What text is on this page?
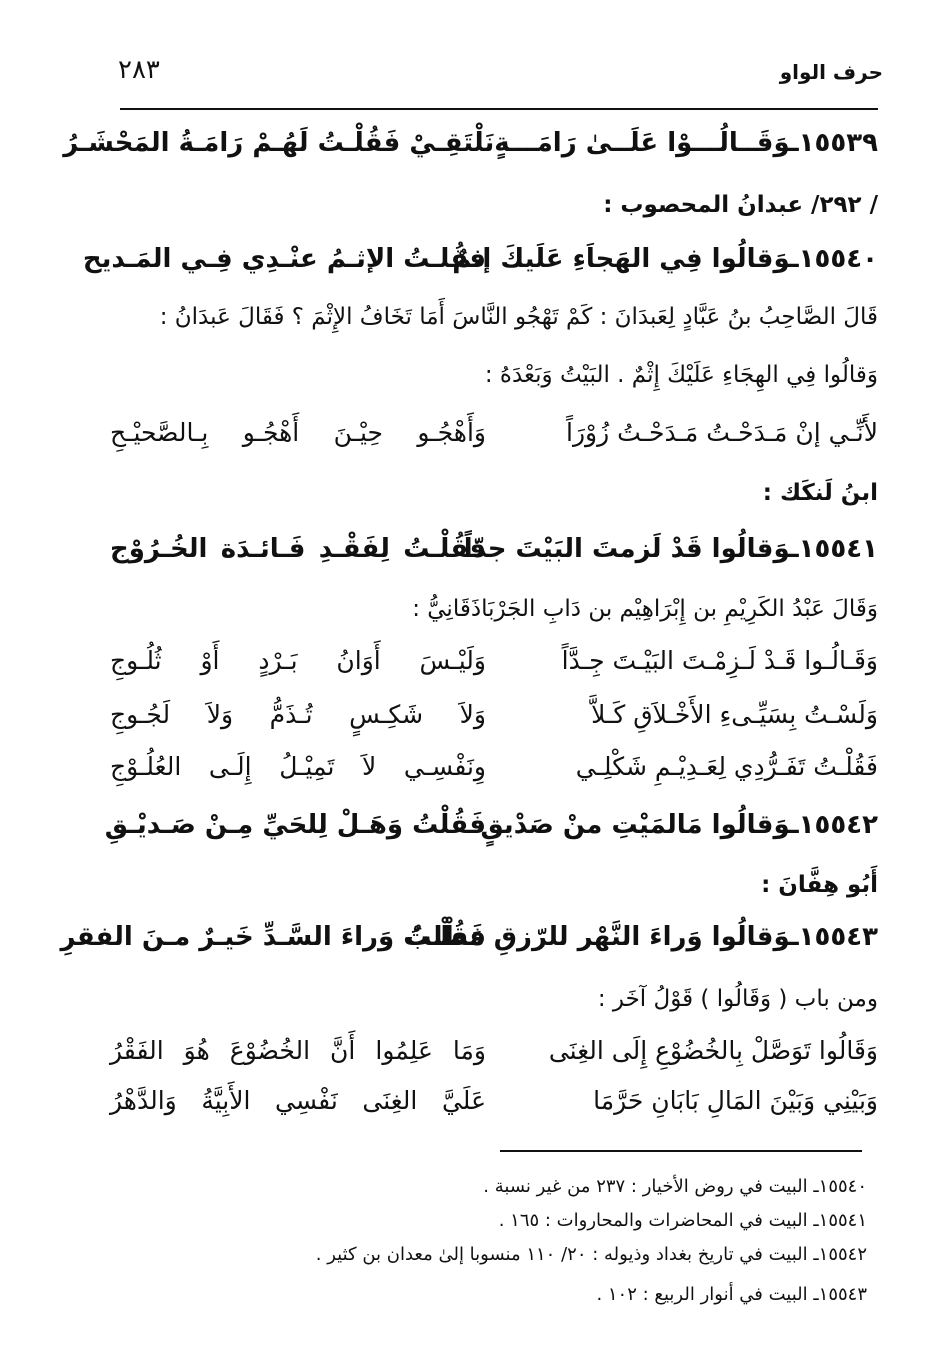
حرف الواو
٢٨٣
١٥٥٣٩ـوَقَــالُـــوْا عَلَــىٰ رَامَـــةٍ
نَلْتَقِـيْ فَقُلْـتُ لَهُـمْ رَامَـةُ المَحْشَـرُ
/ ٢٩٢/ عبدانُ المحصوب :
١٥٥٤٠ـوَقالُوا فِي الهَجاَءِ عَلَيكَ إثمٌ
فقُلـتُ الإثـمُ عنْـدِي فِـي المَـديح
قَالَ الصَّاحِبُ بنُ عَبَّادٍ لِعَبدَانَ : كَمْ تَهْجُو النَّاسَ أَمَا تَخَافُ الإِثْمَ ؟ فَقَالَ عَبدَانُ :
وَقالُوا فِي الهِجَاءِ عَلَيْكَ إِثْمٌ . البَيْتُ وَبَعْدَهُ :
لأَنِّـي إنْ مَـدَحْـتُ مَـدَحْـتُ زُوْرَاً
وَأَهْجُـو حِيْـنَ أَهْجُـو بِـالصَّحيْـحِ
ابنُ لَنكَك :
١٥٥٤١ـوَقالُوا قَدْ لَزمتَ البَيْتَ جدّاً
فقُلْـتُ لِفَقْـدِ فَـائـدَة الخُـرُوْج
وَقَالَ عَبْدُ الكَرِيْمِ بن إِبْرَاهِيْم بن دَابِ الجَرْبَاذَقَانِيُّ :
وَقَـالُـوا قَـدْ لَـزِمْـتَ البَيْـتَ جِـدَّاً
وَلَيْـسَ أَوَانُ بَـرْدٍ أَوْ ثُلُـوجِ
وَلَسْـتُ بِسَيِّـىءِ الأَخْـلاَقِ كَـلاَّ
وَلاَ شَكِـسٍ تُـذَمُّ وَلاَ لَجُـوجِ
فَقُلْـتُ تَفَـرُّدِي لِعَـدِيْـمِ شَكْلِـي
وِنَفْسِـي لاَ تَمِيْـلُ إِلَـى العُلُـوْجِ
١٥٥٤٢ـوَقالُوا مَالمَيْتِ منْ صَدْيقٍ
فَقُلْتُ وَهَـلْ لِلحَيِّ مِـنْ صَـديْـقِ
أَبُو هِفَّانَ :
١٥٥٤٣ـوَقالُوا وَراءَ النَّهْر للرّزقِ مَطْلبٌ
فَقُلْـتُ وَراءَ السَّـدِّ خَيـرٌ مـنَ الفقرِ
ومن باب ( وَقَالُوا ) قَوْلُ آخَر :
وَقَالُوا تَوَصَّلْ بِالخُضُوْعِ إِلَى الغِنَى
وَمَا عَلِمُوا أَنَّ الخُضُوْعَ هُوَ الفَقْرُ
وَبَيْنِي وَبَيْنَ المَالِ بَابَانِ حَرَّمَا
عَلَيَّ الغِنَى نَفْسِي الأَبِيَّةُ وَالدَّهْرُ
١٥٥٤٠ـ البيت في روض الأخيار : ٢٣٧ من غير نسبة .
١٥٥٤١ـ البيت في المحاضرات والمحاروات : ١٦٥ .
١٥٥٤٢ـ البيت في تاريخ بغداد وذيوله : ٢٠/ ١١٠ منسوبا إلىٰ معدان بن كثير .
١٥٥٤٣ـ البيت في أنوار الربيع : ١٠٢ .
